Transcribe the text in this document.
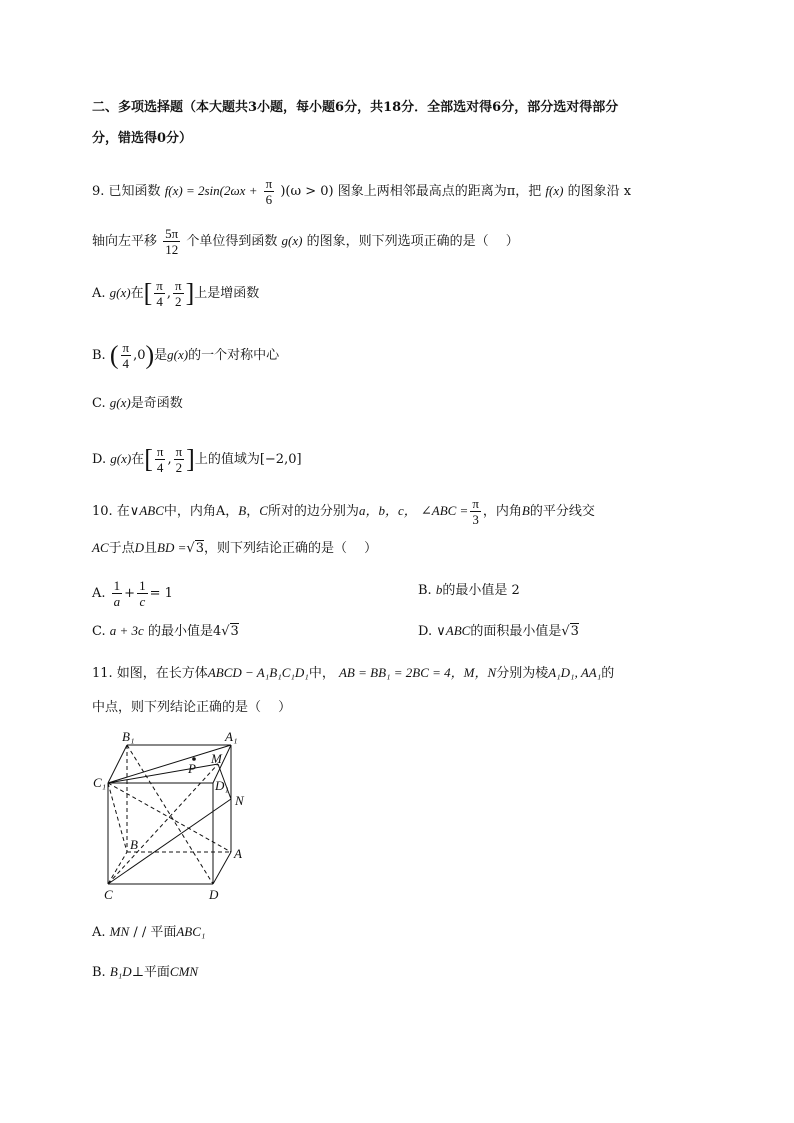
二、多项选择题（本大题共3小题，每小题6分，共18分．全部选对得6分，部分选对得部分
分，错选得0分）
9. 已知函数 $f(x) = 2\sin(2\omega x + \frac{\pi}{6} )(\omega > 0)$ 图象上两相邻最高点的距离为π，把 f(x) 的图象沿 x
轴向左平移 $\frac{5\pi}{12}$ 个单位得到函数 g(x) 的图象，则下列选项正确的是（　 ）
A. g(x)在[ $\frac{\pi}{4}$ , $\frac{\pi}{2}$ ]上是增函数
B. ( $\frac{\pi}{4} ,0$)是g(x)的一个对称中心
C. g(x)是奇函数
D. g(x)在[ $\frac{\pi}{4}$ , $\frac{\pi}{2}$ ]上的值域为[−2,0]
10. 在∨ABC中，内角A，B，C所对的边分别为a，b，c， ∠ABC = $\frac{\pi}{3}$ ，内角B的平分线交
AC于点D且BD =√3，则下列结论正确的是（　 ）
A. $\frac{1}{a} + \frac{1}{c} = 1$	B. b的最小值是 2
C. a + 3c 的最小值是4√3	D. ∨ABC的面积最小值是√3
11. 如图，在长方体ABCD − A₁B₁C₁D₁中， AB = BB₁ = 2BC = 4，M，N分别为棱A₁D₁, AA₁的
中点，则下列结论正确的是（　 ）
B₁	A₁
C₁
P
M
D₁
N
B
A
C	D
A. MN / / 平面ABC₁
B. B₁D⊥平面CMN
